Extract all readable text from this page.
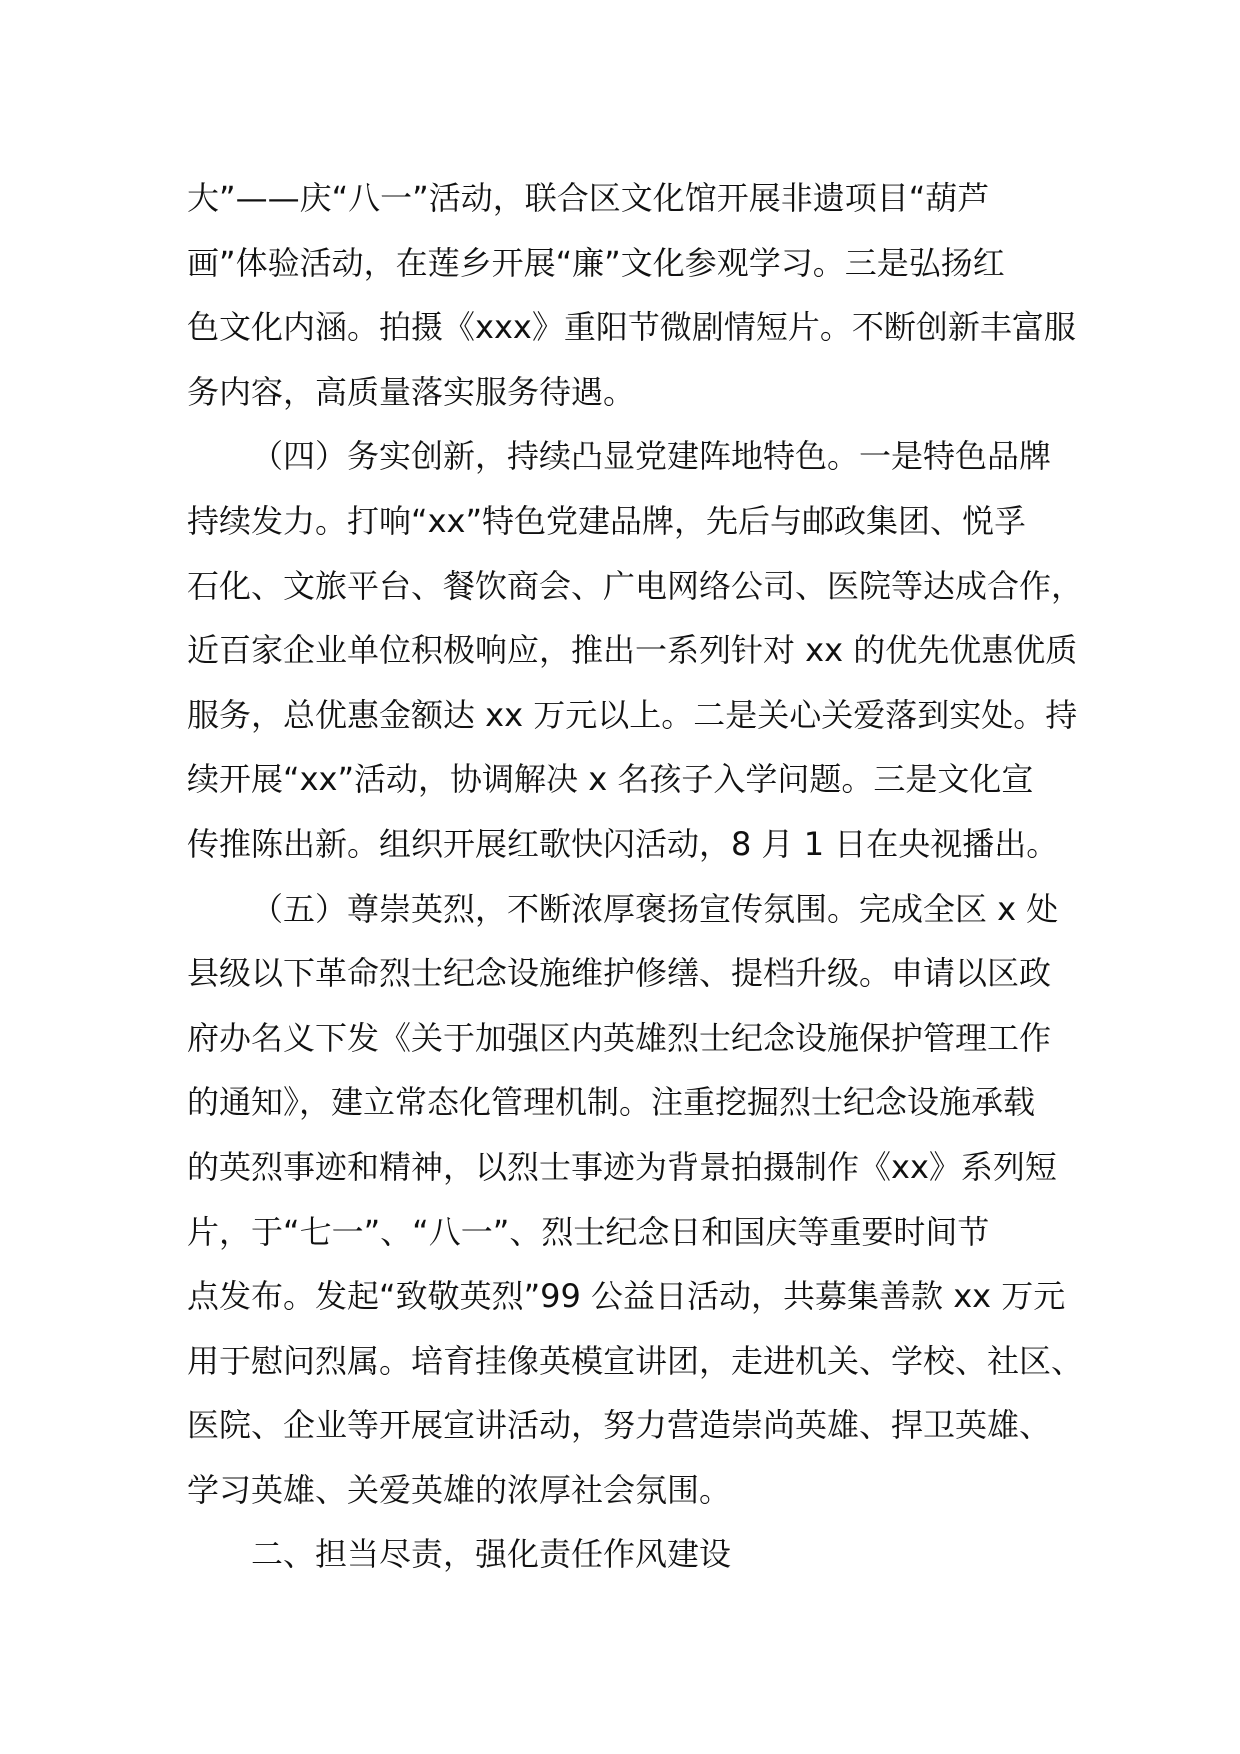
大”——庆“八一”活动，联合区文化馆开展非遗项目“葫芦
画”体验活动，在莲乡开展“廉”文化参观学习。三是弘扬红
色文化内涵。拍摄《xxx》重阳节微剧情短片。不断创新丰富服
务内容，高质量落实服务待遇。
（四）务实创新，持续凸显党建阵地特色。一是特色品牌
持续发力。打响“xx”特色党建品牌，先后与邮政集团、悦孚
石化、文旅平台、餐饮商会、广电网络公司、医院等达成合作，
近百家企业单位积极响应，推出一系列针对 xx 的优先优惠优质
服务，总优惠金额达 xx 万元以上。二是关心关爱落到实处。持
续开展“xx”活动，协调解决 x 名孩子入学问题。三是文化宣
传推陈出新。组织开展红歌快闪活动，8 月 1 日在央视播出。
（五）尊崇英烈，不断浓厚褒扬宣传氛围。完成全区 x 处
县级以下革命烈士纪念设施维护修缮、提档升级。申请以区政
府办名义下发《关于加强区内英雄烈士纪念设施保护管理工作
的通知》，建立常态化管理机制。注重挖掘烈士纪念设施承载
的英烈事迹和精神，以烈士事迹为背景拍摄制作《xx》系列短
片，于“七一”、“八一”、烈士纪念日和国庆等重要时间节
点发布。发起“致敬英烈”99 公益日活动，共募集善款 xx 万元
用于慰问烈属。培育挂像英模宣讲团，走进机关、学校、社区、
医院、企业等开展宣讲活动，努力营造崇尚英雄、捍卫英雄、
学习英雄、关爱英雄的浓厚社会氛围。
二、担当尽责，强化责任作风建设
